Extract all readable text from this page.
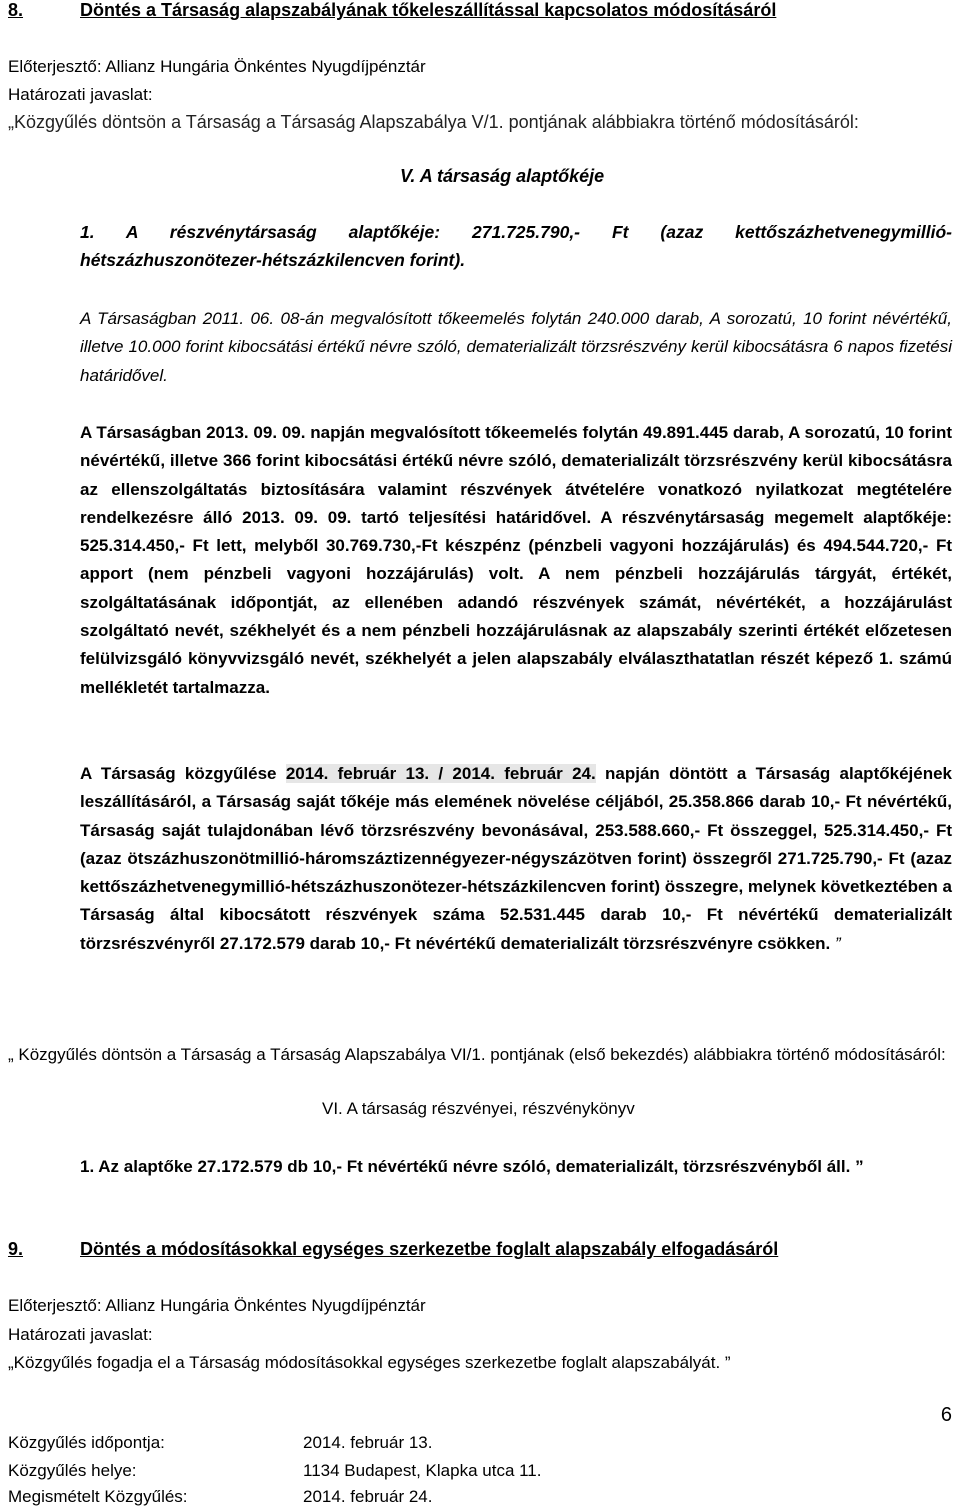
8.	Döntés a Társaság alapszabályának tőkeleszállítással kapcsolatos módosításáról
Előterjesztő: Allianz Hungária Önkéntes Nyugdíjpénztár
Határozati javaslat:
„Közgyűlés döntsön a Társaság a Társaság Alapszabálya V/1. pontjának alábbiakra történő módosításáról:
V. A társaság alaptőkéje
1. A részvénytársaság alaptőkéje: 271.725.790,- Ft (azaz kettőszázhetvenegymillió-
hétszázhuszonötezer-hétszázkilencven forint).
A Társaságban 2011. 06. 08-án megvalósított tőkeemelés folytán 240.000 darab, A sorozatú, 10 forint névértékű, illetve 10.000 forint kibocsátási értékű névre szóló, dematerializált törzsrészvény kerül kibocsátásra 6 napos fizetési határidővel.
A Társaságban 2013. 09. 09. napján megvalósított tőkeemelés folytán 49.891.445 darab, A sorozatú, 10 forint névértékű, illetve 366 forint kibocsátási értékű névre szóló, dematerializált törzsrészvény kerül kibocsátásra az ellenszolgáltatás biztosítására valamint részvények átvételére vonatkozó nyilatkozat megtételére rendelkezésre álló 2013. 09. 09. tartó teljesítési határidővel. A részvénytársaság megemelt alaptőkéje: 525.314.450,- Ft lett, melyből 30.769.730,-Ft készpénz (pénzbeli vagyoni hozzájárulás) és 494.544.720,- Ft apport (nem pénzbeli vagyoni hozzájárulás) volt. A nem pénzbeli hozzájárulás tárgyát, értékét, szolgáltatásának időpontját, az ellenében adandó részvények számát, névértékét, a hozzájárulást szolgáltató nevét, székhelyét és a nem pénzbeli hozzájárulásnak az alapszabály szerinti értékét előzetesen felülvizsgáló könyvvizsgáló nevét, székhelyét a jelen alapszabály elválaszthatatlan részét képező 1. számú mellékletét tartalmazza.
A Társaság közgyűlése 2014. február 13. / 2014. február 24. napján döntött a Társaság alaptőkéjének leszállításáról, a Társaság saját tőkéje más elemének növelése céljából, 25.358.866 darab 10,- Ft névértékű, Társaság saját tulajdonában lévő törzsrészvény bevonásával, 253.588.660,- Ft összeggel, 525.314.450,- Ft (azaz ötszázhuszonötmillió-háromszáztizennégyezer-négyszázötven forint) összegről 271.725.790,- Ft (azaz kettőszázhetvenegymillió-hétszázhuszonötezer-hétszázkilencven forint) összegre, melynek következtében a Társaság által kibocsátott részvények száma 52.531.445 darab 10,- Ft névértékű dematerializált törzsrészvényről 27.172.579 darab 10,- Ft névértékű dematerializált törzsrészvényre csökken. ”
„ Közgyűlés döntsön a Társaság a Társaság Alapszabálya VI/1. pontjának (első bekezdés) alábbiakra történő módosításáról:
VI. A társaság részvényei, részvénykönyv
1. Az alaptőke 27.172.579 db 10,- Ft névértékű névre szóló, dematerializált, törzsrészvényből áll. ”
9.	Döntés a módosításokkal egységes szerkezetbe foglalt alapszabály elfogadásáról
Előterjesztő: Allianz Hungária Önkéntes Nyugdíjpénztár
Határozati javaslat:
„Közgyűlés fogadja el a Társaság módosításokkal egységes szerkezetbe foglalt alapszabályát. ”
6
Közgyűlés időpontja:	2014. február 13.
Közgyűlés helye:	1134 Budapest, Klapka utca 11.
Megismételt Közgyűlés:	2014. február 24.
